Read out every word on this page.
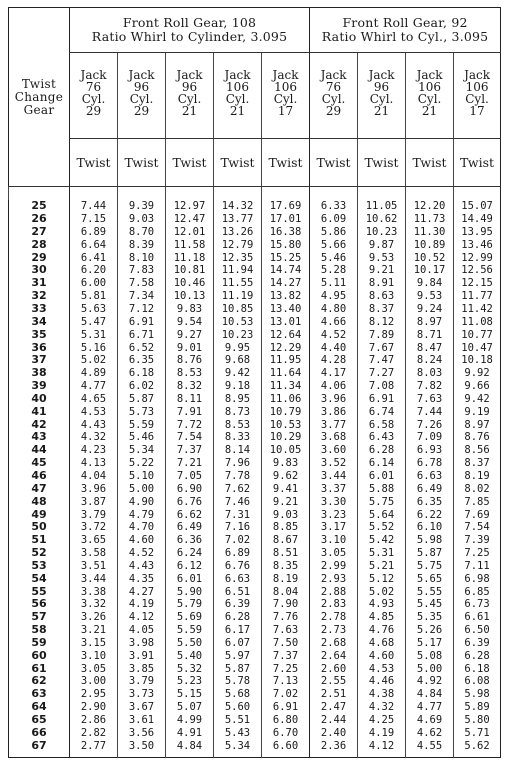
Twist
Change
Gear	Front Roll Gear, 108
Ratio Whirl to Cylinder, 3.095					Front Roll Gear, 92
Ratio Whirl to Cyl., 3.095			

	Jack
76
Cyl.
29	Jack
96
Cyl.
29	Jack
96
Cyl.
21	Jack
106
Cyl.
21	Jack
106
Cyl.
17	Jack
76
Cyl.
29	Jack
96
Cyl.
21	Jack
106
Cyl.
21	Jack
106
Cyl.
17

	Twist	Twist	Twist	Twist	Twist	Twist	Twist	Twist	Twist

25	7.44	9.39	12.97	14.32	17.69	6.33	11.05	12.20	15.07
26	7.15	9.03	12.47	13.77	17.01	6.09	10.62	11.73	14.49
27	6.89	8.70	12.01	13.26	16.38	5.86	10.23	11.30	13.95
28	6.64	8.39	11.58	12.79	15.80	5.66	9.87	10.89	13.46
29	6.41	8.10	11.18	12.35	15.25	5.46	9.53	10.52	12.99
30	6.20	7.83	10.81	11.94	14.74	5.28	9.21	10.17	12.56
31	6.00	7.58	10.46	11.55	14.27	5.11	8.91	9.84	12.15
32	5.81	7.34	10.13	11.19	13.82	4.95	8.63	9.53	11.77
33	5.63	7.12	9.83	10.85	13.40	4.80	8.37	9.24	11.42
34	5.47	6.91	9.54	10.53	13.01	4.66	8.12	8.97	11.08
35	5.31	6.71	9.27	10.23	12.64	4.52	7.89	8.71	10.77
36	5.16	6.52	9.01	9.95	12.29	4.40	7.67	8.47	10.47
37	5.02	6.35	8.76	9.68	11.95	4.28	7.47	8.24	10.18
38	4.89	6.18	8.53	9.42	11.64	4.17	7.27	8.03	9.92
39	4.77	6.02	8.32	9.18	11.34	4.06	7.08	7.82	9.66
40	4.65	5.87	8.11	8.95	11.06	3.96	6.91	7.63	9.42
41	4.53	5.73	7.91	8.73	10.79	3.86	6.74	7.44	9.19
42	4.43	5.59	7.72	8.53	10.53	3.77	6.58	7.26	8.97
43	4.32	5.46	7.54	8.33	10.29	3.68	6.43	7.09	8.76
44	4.23	5.34	7.37	8.14	10.05	3.60	6.28	6.93	8.56
45	4.13	5.22	7.21	7.96	9.83	3.52	6.14	6.78	8.37
46	4.04	5.10	7.05	7.78	9.62	3.44	6.01	6.63	8.19
47	3.96	5.00	6.90	7.62	9.41	3.37	5.88	6.49	8.02
48	3.87	4.90	6.76	7.46	9.21	3.30	5.75	6.35	7.85
49	3.79	4.79	6.62	7.31	9.03	3.23	5.64	6.22	7.69
50	3.72	4.70	6.49	7.16	8.85	3.17	5.52	6.10	7.54
51	3.65	4.60	6.36	7.02	8.67	3.10	5.42	5.98	7.39
52	3.58	4.52	6.24	6.89	8.51	3.05	5.31	5.87	7.25
53	3.51	4.43	6.12	6.76	8.35	2.99	5.21	5.75	7.11
54	3.44	4.35	6.01	6.63	8.19	2.93	5.12	5.65	6.98
55	3.38	4.27	5.90	6.51	8.04	2.88	5.02	5.55	6.85
56	3.32	4.19	5.79	6.39	7.90	2.83	4.93	5.45	6.73
57	3.26	4.12	5.69	6.28	7.76	2.78	4.85	5.35	6.61
58	3.21	4.05	5.59	6.17	7.63	2.73	4.76	5.26	6.50
59	3.15	3.98	5.50	6.07	7.50	2.68	4.68	5.17	6.39
60	3.10	3.91	5.40	5.97	7.37	2.64	4.60	5.08	6.28
61	3.05	3.85	5.32	5.87	7.25	2.60	4.53	5.00	6.18
62	3.00	3.79	5.23	5.78	7.13	2.55	4.46	4.92	6.08
63	2.95	3.73	5.15	5.68	7.02	2.51	4.38	4.84	5.98
64	2.90	3.67	5.07	5.60	6.91	2.47	4.32	4.77	5.89
65	2.86	3.61	4.99	5.51	6.80	2.44	4.25	4.69	5.80
66	2.82	3.56	4.91	5.43	6.70	2.40	4.19	4.62	5.71
67	2.77	3.50	4.84	5.34	6.60	2.36	4.12	4.55	5.62
